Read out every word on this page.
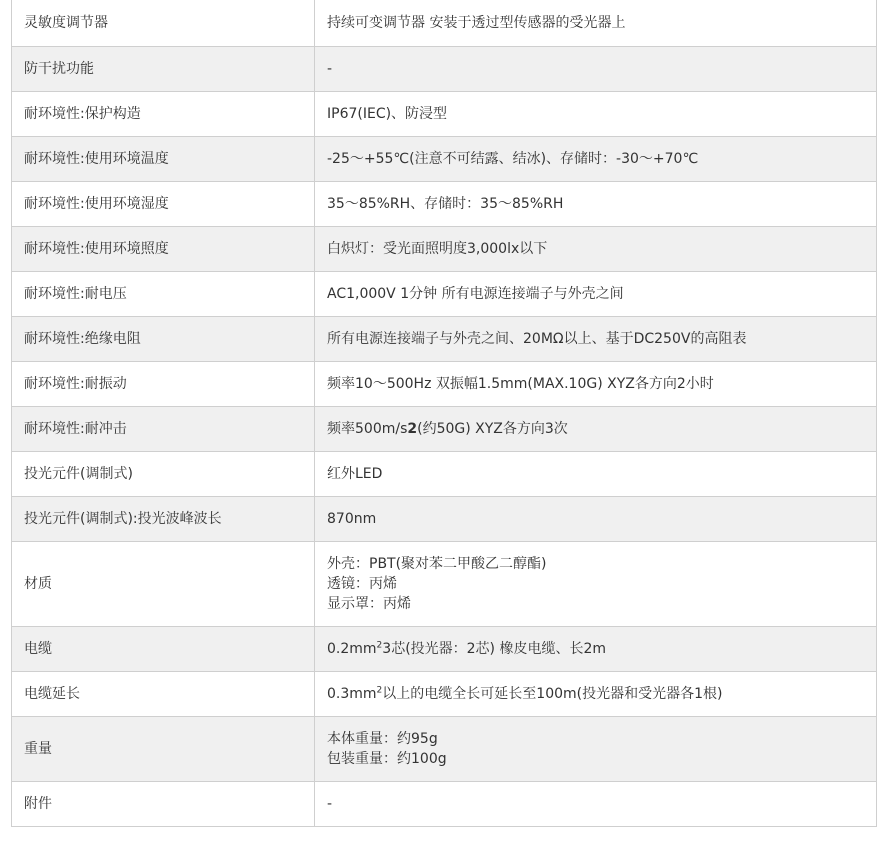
灵敏度调节器	持续可变调节器 安装于透过型传感器的受光器上
防干扰功能	-
耐环境性:保护构造	IP67(IEC)、防浸型
耐环境性:使用环境温度	-25～+55℃(注意不可结露、结冰)、存储时：-30～+70℃
耐环境性:使用环境湿度	35～85%RH、存储时：35～85%RH
耐环境性:使用环境照度	白炽灯：受光面照明度3,000lx以下
耐环境性:耐电压	AC1,000V 1分钟 所有电源连接端子与外壳之间
耐环境性:绝缘电阻	所有电源连接端子与外壳之间、20MΩ以上、基于DC250V的高阻表
耐环境性:耐振动	频率10～500Hz 双振幅1.5mm(MAX.10G) XYZ各方向2小时
耐环境性:耐冲击	频率500m/s2(约50G) XYZ各方向3次
投光元件(调制式)	红外LED
投光元件(调制式):投光波峰波长	870nm
材质	外壳：PBT(聚对苯二甲酸乙二醇酯)
透镜：丙烯
显示罩：丙烯

电缆	$0.2mm^23$芯(投光器：2芯) 橡皮电缆、长2m
电缆延长	$0.3mm^2$以上的电缆全长可延长至100m(投光器和受光器各1根)
重量	本体重量：约95g
包装重量：约100g

附件	-
